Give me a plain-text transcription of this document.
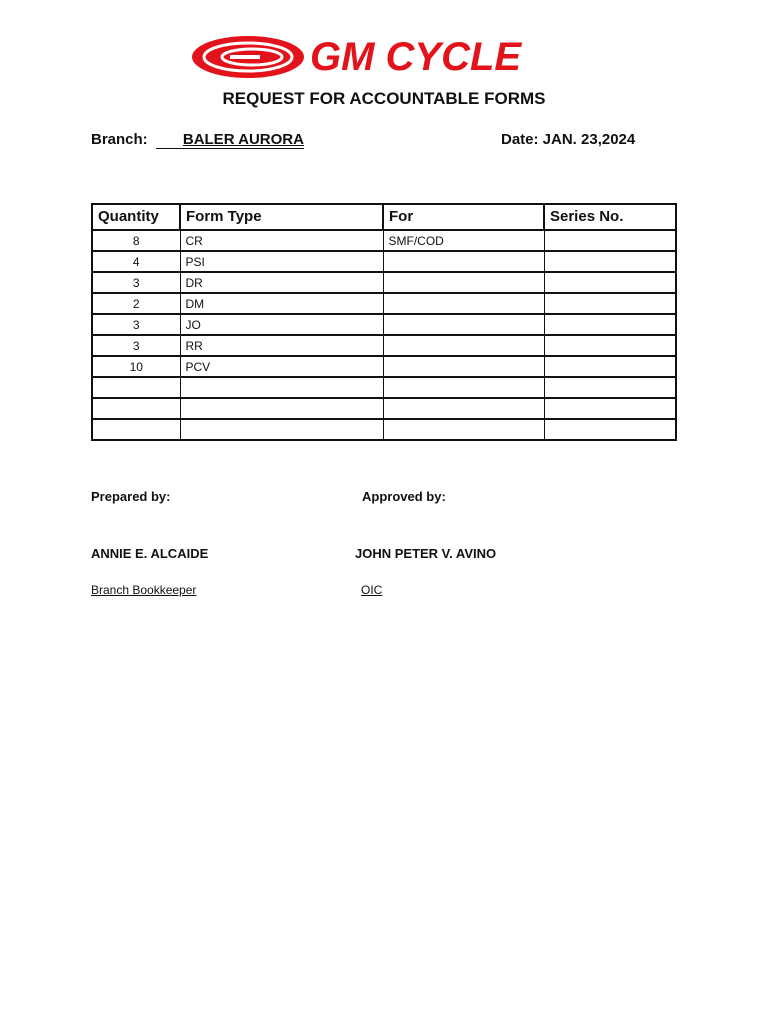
GM CYCLE
REQUEST FOR ACCOUNTABLE FORMS
Branch: BALER AURORA	Date: JAN. 23,2024
Quantity	Form Type	For	Series No.
8	CR	SMF/COD	
4	PSI		
3	DR		
2	DM		
3	JO		
3	RR		
10	PCV		

Prepared by:	Approved by:
ANNIE E. ALCAIDE	JOHN PETER V. AVINO
Branch Bookkeeper	OIC
